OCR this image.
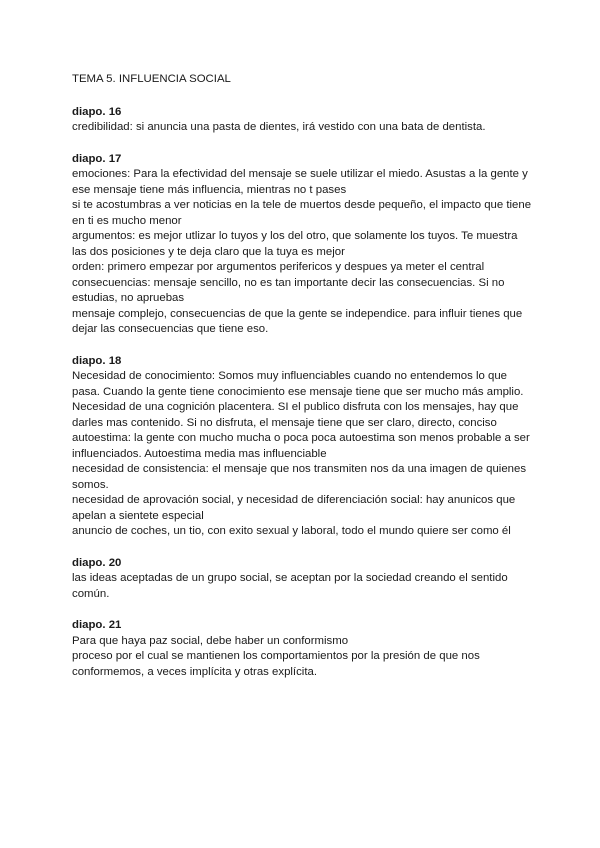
TEMA 5. INFLUENCIA SOCIAL

diapo. 16

credibilidad: si anuncia una pasta de dientes, irá vestido con una bata de dentista.

diapo. 17

emociones: Para la efectividad del mensaje se suele utilizar el miedo. Asustas a la gente y ese mensaje tiene más influencia, mientras no t pases

si te acostumbras a ver noticias en la tele de muertos desde pequeño, el impacto que tiene en ti es mucho menor

argumentos: es mejor utlizar lo tuyos y los del otro, que solamente los tuyos. Te muestra las dos posiciones y te deja claro que la tuya es mejor

orden: primero empezar por argumentos perifericos y despues ya meter el central

consecuencias: mensaje sencillo, no es tan importante decir las consecuencias. Si no estudias, no apruebas

mensaje complejo, consecuencias de que la gente se independice. para influir tienes que dejar las consecuencias que tiene eso.

diapo. 18

Necesidad de conocimiento: Somos muy influenciables cuando no entendemos lo que pasa. Cuando la gente tiene conocimiento ese mensaje tiene que ser mucho más amplio.

Necesidad de una cognición placentera. SI el publico disfruta con los mensajes, hay que darles mas contenido. Si no disfruta, el mensaje tiene que ser claro, directo, conciso

autoestima: la gente con mucho mucha o poca poca autoestima son menos probable a ser influenciados. Autoestima media mas influenciable

necesidad de consistencia: el mensaje que nos transmiten nos da una imagen de quienes somos.

necesidad de aprovación social, y necesidad de diferenciación social: hay anunicos que apelan a sientete especial

anuncio de coches, un tio, con exito sexual y laboral, todo el mundo quiere ser como él

diapo. 20

las ideas aceptadas de un grupo social, se aceptan por la sociedad creando el sentido común.

diapo. 21

Para que haya paz social, debe haber un conformismo

proceso por el cual se mantienen los comportamientos por la presión de que nos conformemos, a veces implícita y otras explícita.
